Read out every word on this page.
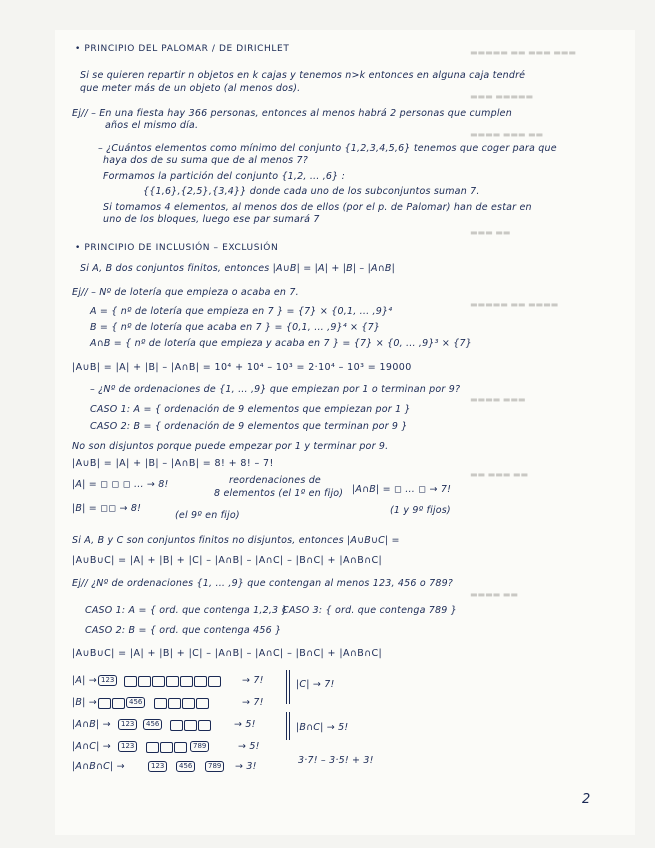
▬▬▬▬▬ ▬▬ ▬▬▬ ▬▬▬
▬▬▬ ▬▬▬▬▬
▬▬▬▬ ▬▬▬ ▬▬
▬▬▬ ▬▬
▬▬▬▬▬ ▬▬ ▬▬▬▬
▬▬▬▬ ▬▬▬
▬▬ ▬▬▬ ▬▬
▬▬▬▬ ▬▬
• PRINCIPIO DEL PALOMAR / DE DIRICHLET
Si se quieren repartir n objetos en k cajas y tenemos n>k entonces en alguna caja tendré
que meter más de un objeto (al menos dos).
Ej// – En una fiesta hay 366 personas, entonces al menos habrá 2 personas que cumplen
años el mismo día.
– ¿Cuántos elementos como mínimo del conjunto {1,2,3,4,5,6} tenemos que coger para que
haya dos de su suma que de al menos 7?
Formamos la partición del conjunto {1,2, ... ,6} :
{{1,6},{2,5},{3,4}} donde cada uno de los subconjuntos suman 7.
Si tomamos 4 elementos, al menos dos de ellos (por el p. de Palomar) han de estar en
uno de los bloques, luego ese par sumará 7
• PRINCIPIO DE INCLUSIÓN – EXCLUSIÓN
Si A, B dos conjuntos finitos, entonces |A∪B| = |A| + |B| – |A∩B|
Ej// – Nº de lotería que empieza o acaba en 7.
A = { nº de lotería que empieza en 7 } = {7} × {0,1, ... ,9}⁴
B = { nº de lotería que acaba en 7 } = {0,1, ... ,9}⁴ × {7}
A∩B = { nº de lotería que empieza y acaba en 7 } = {7} × {0, ... ,9}³ × {7}
|A∪B| = |A| + |B| – |A∩B| = 10⁴ + 10⁴ – 10³ = 2·10⁴ – 10³ = 19000
– ¿Nº de ordenaciones de {1, ... ,9} que empiezan por 1 o terminan por 9?
CASO 1: A = { ordenación de 9 elementos que empiezan por 1 }
CASO 2: B = { ordenación de 9 elementos que terminan por 9 }
No son disjuntos porque puede empezar por 1 y terminar por 9.
|A∪B| = |A| + |B| – |A∩B| = 8! + 8! – 7!
|A| = ◻ ◻ ◻ ... → 8!	reordenaciones de
8 elementos (el 1º en fijo) |A∩B| = ◻ ... ◻ → 7!
|B| = ◻◻ → 8!
(el 9º en fijo)	(1 y 9º fijos)
Si A, B y C son conjuntos finitos no disjuntos, entonces |A∪B∪C| =
|A∪B∪C| = |A| + |B| + |C| – |A∩B| – |A∩C| – |B∩C| + |A∩B∩C|
Ej// ¿Nº de ordenaciones {1, ... ,9} que contengan al menos 123, 456 o 789?
CASO 1: A = { ord. que contenga 1,2,3 }
CASO 3: { ord. que contenga 789 }
CASO 2: B = { ord. que contenga 456 }
|A∪B∪C| = |A| + |B| + |C| – |A∩B| – |A∩C| – |B∩C| + |A∩B∩C|
|A| →	→ 7!	|C| → 7!
|B| →	→ 7!
|A∩B| →	→ 5!	|B∩C| → 5!
|A∩C| →	→ 5!
|A∩B∩C| →	→ 3!
3·7! – 3·5! + 3!
123
456
123	456
123	789
123	456	789
2
